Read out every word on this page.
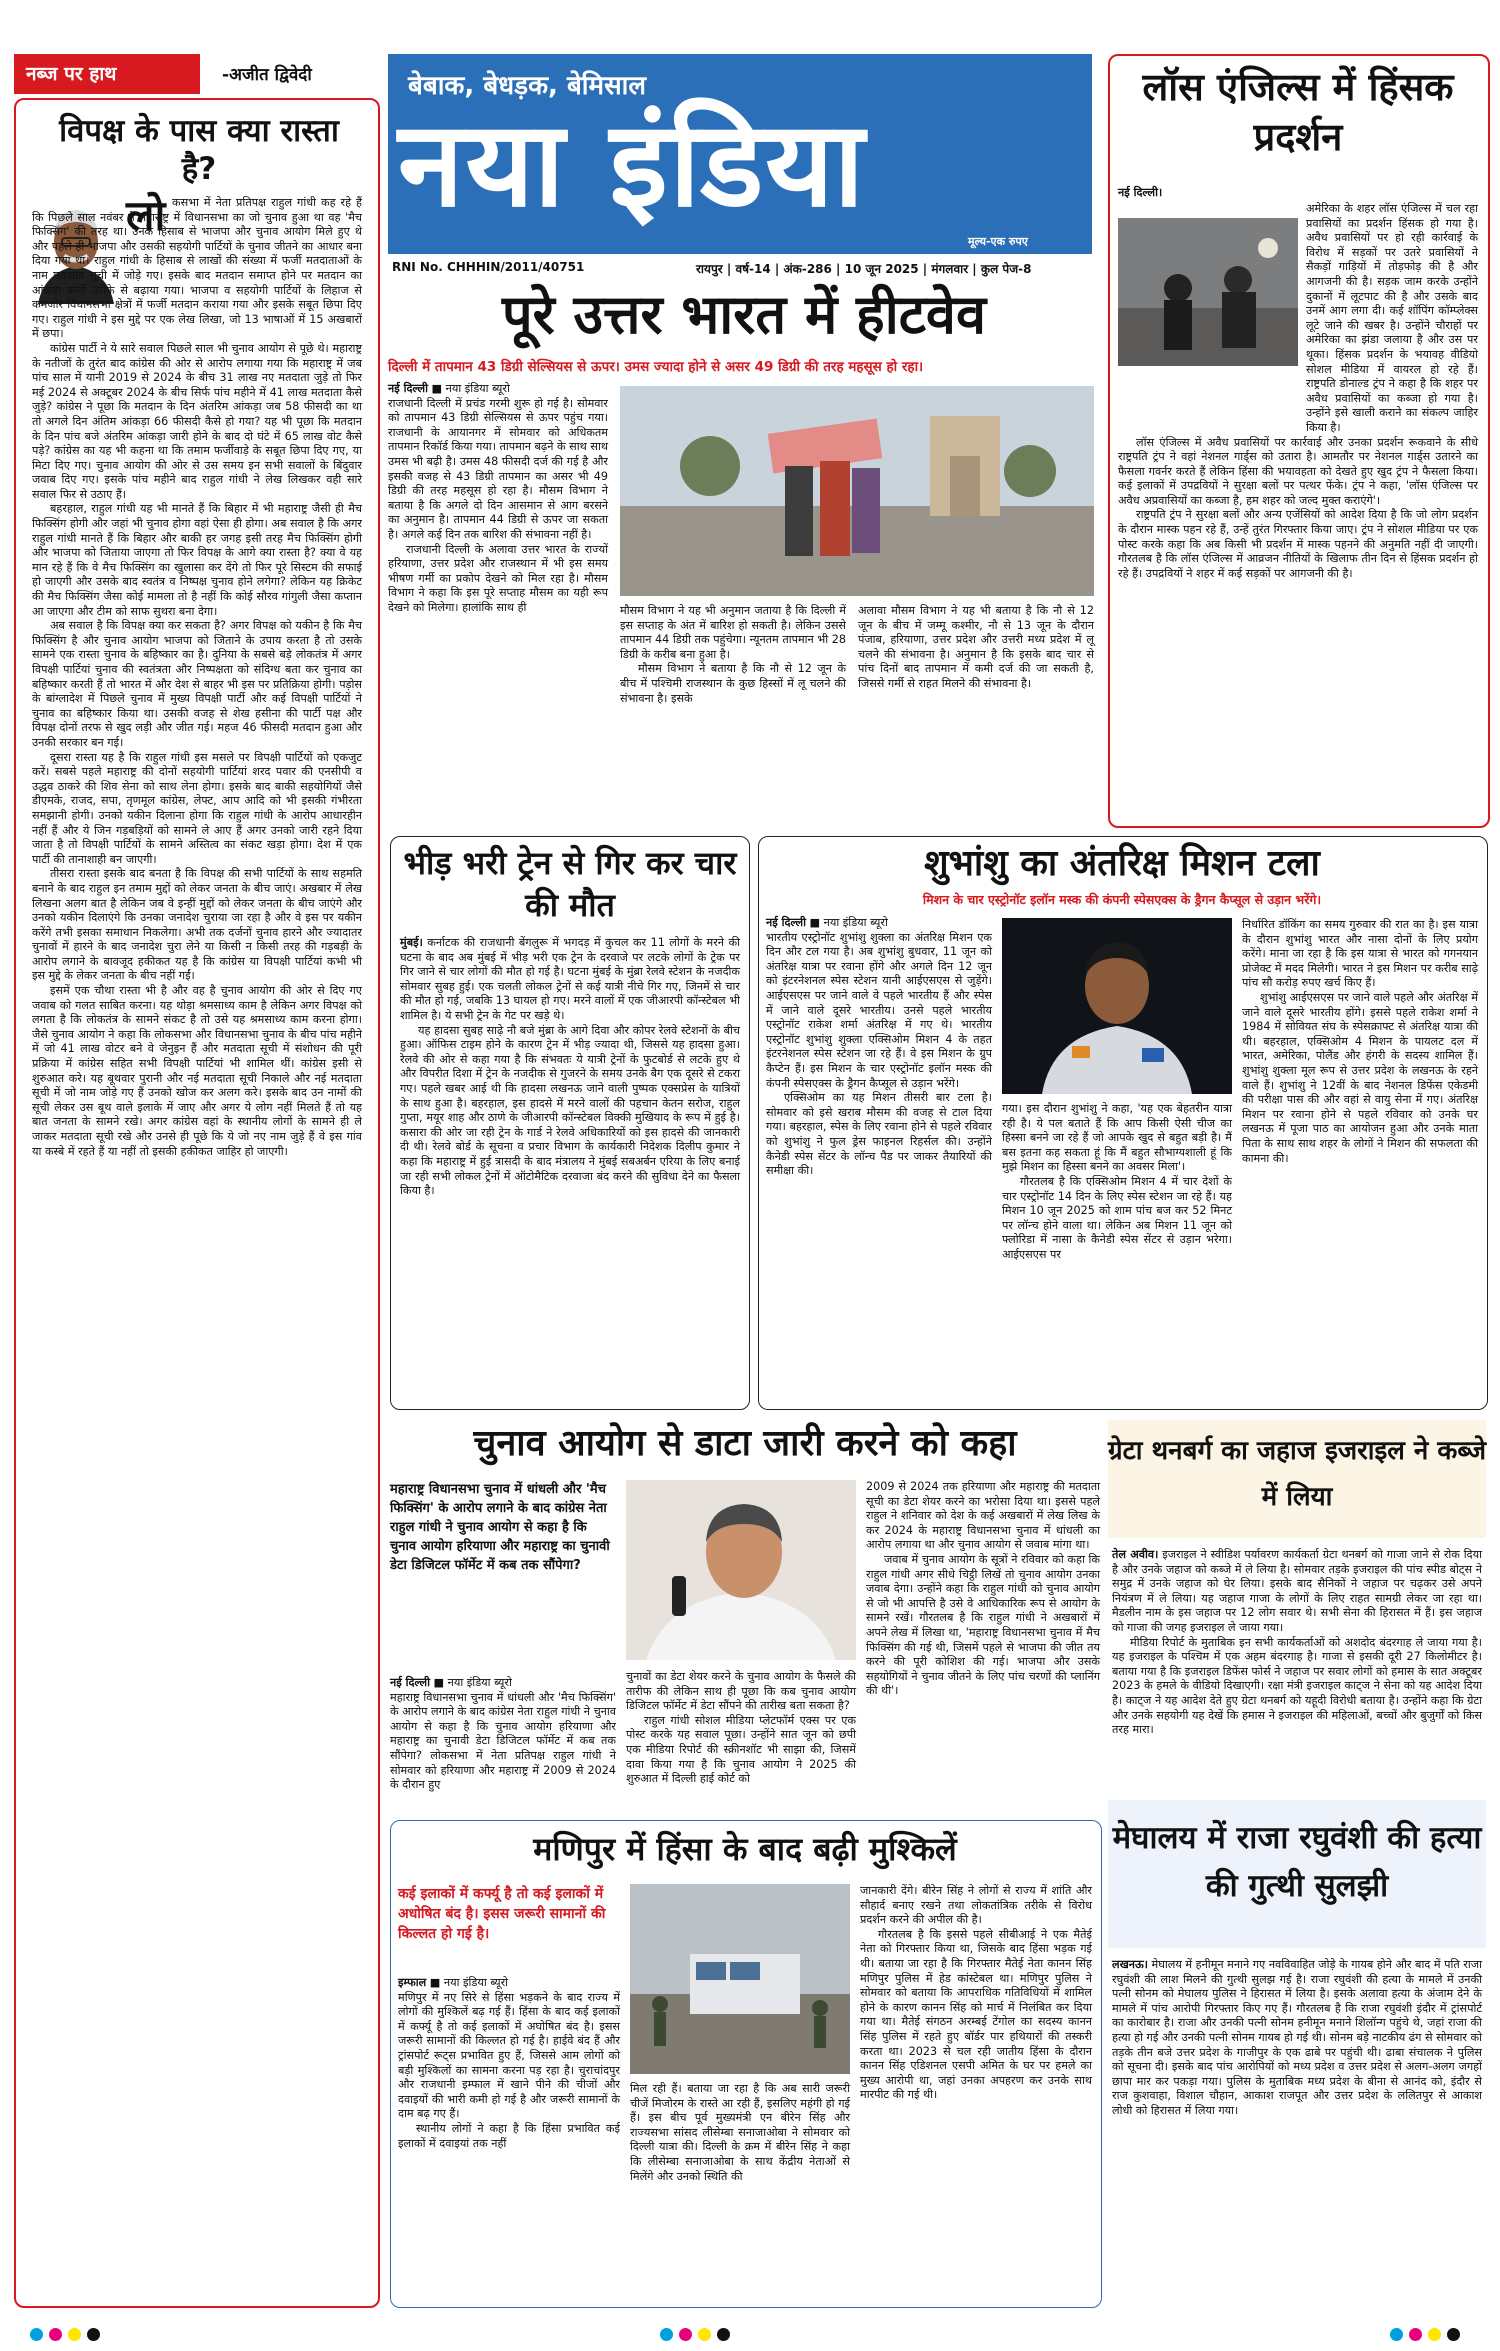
नब्ज पर हाथ	-अजीत द्विवेदी
विपक्ष के पास क्या रास्ता है?
लो कसभा में नेता प्रतिपक्ष राहुल गांधी कह रहे हैं कि पिछले साल नवंबर में महाराष्ट्र में विधानसभा का जो चुनाव हुआ था वह 'मैच फिक्सिंग' की तरह था। उनके हिसाब से भाजपा और चुनाव आयोग मिले हुए थे और पहले ही भाजपा और उसकी सहयोगी पार्टियों के चुनाव जीतने का आधार बना दिया गया था। राहुल गांधी के हिसाब से लाखों की संख्या में फर्जी मतदाताओं के नाम मतदाता सूची में जोड़े गए। इसके बाद मतदान समाप्त होने पर मतदान का आंकड़ा फर्जी तरीके से बढ़ाया गया। भाजपा व सहयोगी पार्टियों के लिहाज से कमजोर विधानसभा क्षेत्रों में फर्जी मतदान कराया गया और इसके सबूत छिपा दिए गए। राहुल गांधी ने इस मुद्दे पर एक लेख लिखा, जो 13 भाषाओं में 15 अखबारों में छपा।

कांग्रेस पार्टी ने ये सारे सवाल पिछले साल भी चुनाव आयोग से पूछे थे। महाराष्ट्र के नतीजों के तुरंत बाद कांग्रेस की ओर से आरोप लगाया गया कि महाराष्ट्र में जब पांच साल में यानी 2019 से 2024 के बीच 31 लाख नए मतदाता जुड़े तो फिर मई 2024 से अक्टूबर 2024 के बीच सिर्फ पांच महीने में 41 लाख मतदाता कैसे जुड़े? कांग्रेस ने पूछा कि मतदान के दिन अंतरिम आंकड़ा जब 58 फीसदी का था तो अगले दिन अंतिम आंकड़ा 66 फीसदी कैसे हो गया? यह भी पूछा कि मतदान के दिन पांच बजे अंतरिम आंकड़ा जारी होने के बाद दो घंटे में 65 लाख वोट कैसे पड़े? कांग्रेस का यह भी कहना था कि तमाम फर्जीवाड़े के सबूत छिपा दिए गए, या मिटा दिए गए। चुनाव आयोग की ओर से उस समय इन सभी सवालों के बिंदुवार जवाब दिए गए। इसके पांच महीने बाद राहुल गांधी ने लेख लिखकर वही सारे सवाल फिर से उठाए हैं।

बहरहाल, राहुल गांधी यह भी मानते हैं कि बिहार में भी महाराष्ट्र जैसी ही मैच फिक्सिंग होगी और जहां भी चुनाव होगा वहां ऐसा ही होगा। अब सवाल है कि अगर राहुल गांधी मानते हैं कि बिहार और बाकी हर जगह इसी तरह मैच फिक्सिंग होगी और भाजपा को जिताया जाएगा तो फिर विपक्ष के आगे क्या रास्ता है? क्या वे यह मान रहे हैं कि वे मैच फिक्सिंग का खुलासा कर देंगे तो फिर पूरे सिस्टम की सफाई हो जाएगी और उसके बाद स्वतंत्र व निष्पक्ष चुनाव होने लगेगा? लेकिन यह क्रिकेट की मैच फिक्सिंग जैसा कोई मामला तो है नहीं कि कोई सौरव गांगुली जैसा कप्तान आ जाएगा और टीम को साफ सुथरा बना देगा।

अब सवाल है कि विपक्ष क्या कर सकता है? अगर विपक्ष को यकीन है कि मैच फिक्सिंग है और चुनाव आयोग भाजपा को जिताने के उपाय करता है तो उसके सामने एक रास्ता चुनाव के बहिष्कार का है। दुनिया के सबसे बड़े लोकतंत्र में अगर विपक्षी पार्टियां चुनाव की स्वतंत्रता और निष्पक्षता को संदिग्ध बता कर चुनाव का बहिष्कार करती हैं तो भारत में और देश से बाहर भी इस पर प्रतिक्रिया होगी। पड़ोस के बांग्लादेश में पिछले चुनाव में मुख्य विपक्षी पार्टी और कई विपक्षी पार्टियों ने चुनाव का बहिष्कार किया था। उसकी वजह से शेख हसीना की पार्टी पक्ष और विपक्ष दोनों तरफ से खुद लड़ी और जीत गई। महज 46 फीसदी मतदान हुआ और उनकी सरकार बन गई।

दूसरा रास्ता यह है कि राहुल गांधी इस मसले पर विपक्षी पार्टियों को एकजुट करें। सबसे पहले महाराष्ट्र की दोनों सहयोगी पार्टियां शरद पवार की एनसीपी व उद्धव ठाकरे की शिव सेना को साथ लेना होगा। इसके बाद बाकी सहयोगियों जैसे डीएमके, राजद, सपा, तृणमूल कांग्रेस, लेफ्ट, आप आदि को भी इसकी गंभीरता समझानी होगी। उनको यकीन दिलाना होगा कि राहुल गांधी के आरोप आधारहीन नहीं हैं और ये जिन गड़बड़ियों को सामने ले आए हैं अगर उनको जारी रहने दिया जाता है तो विपक्षी पार्टियों के सामने अस्तित्व का संकट खड़ा होगा। देश में एक पार्टी की तानाशाही बन जाएगी।

तीसरा रास्ता इसके बाद बनता है कि विपक्ष की सभी पार्टियों के साथ सहमति बनाने के बाद राहुल इन तमाम मुद्दों को लेकर जनता के बीच जाएं। अखबार में लेख लिखना अलग बात है लेकिन जब वे इन्हीं मुद्दों को लेकर जनता के बीच जाएंगे और उनको यकीन दिलाएंगे कि उनका जनादेश चुराया जा रहा है और वे इस पर यकीन करेंगे तभी इसका समाधान निकलेगा। अभी तक दर्जनों चुनाव हारने और ज्यादातर चुनावों में हारने के बाद जनादेश चुरा लेने या किसी न किसी तरह की गड़बड़ी के आरोप लगाने के बावजूद हकीकत यह है कि कांग्रेस या विपक्षी पार्टियां कभी भी इस मुद्दे के लेकर जनता के बीच नहीं गईं।

इसमें एक चौथा रास्ता भी है और वह है चुनाव आयोग की ओर से दिए गए जवाब को गलत साबित करना। यह थोड़ा श्रमसाध्य काम है लेकिन अगर विपक्ष को लगता है कि लोकतंत्र के सामने संकट है तो उसे यह श्रमसाध्य काम करना होगा। जैसे चुनाव आयोग ने कहा कि लोकसभा और विधानसभा चुनाव के बीच पांच महीने में जो 41 लाख वोटर बने वे जेनुइन हैं और मतदाता सूची में संशोधन की पूरी प्रक्रिया में कांग्रेस सहित सभी विपक्षी पार्टियां भी शामिल थीं। कांग्रेस इसी से शुरुआत करे। यह बूथवार पुरानी और नई मतदाता सूची निकाले और नई मतदाता सूची में जो नाम जोड़े गए हैं उनको खोज कर अलग करे। इसके बाद उन नामों की सूची लेकर उस बूथ वाले इलाके में जाए और अगर ये लोग नहीं मिलते हैं तो यह बात जनता के सामने रखे। अगर कांग्रेस वहां के स्थानीय लोगों के सामने ही ले जाकर मतदाता सूची रखे और उनसे ही पूछे कि ये जो नए नाम जुड़े हैं वे इस गांव या कस्बे में रहते हैं या नहीं तो इसकी हकीकत जाहिर हो जाएगी।

बेबाक, बेधड़क, बेमिसाल
नया इंडिया
मूल्य-एक रुपए
RNI No. CHHHIN/2011/40751	रायपुर | वर्ष-14 | अंक-286 | 10 जून 2025 | मंगलवार | कुल पेज-8
पूरे उत्तर भारत में हीटवेव
दिल्ली में तापमान 43 डिग्री सेल्सियस से ऊपर। उमस ज्यादा होने से असर 49 डिग्री की तरह महसूस हो रहा।

नई दिल्ली ■ नया इंडिया ब्यूरो

राजधानी दिल्ली में प्रचंड गरमी शुरू हो गई है। सोमवार को तापमान 43 डिग्री सेल्सियस से ऊपर पहुंच गया। राजधानी के आयानगर में सोमवार को अधिकतम तापमान रिकॉर्ड किया गया। तापमान बढ़ने के साथ साथ उमस भी बढ़ी है। उमस 48 फीसदी दर्ज की गई है और इसकी वजह से 43 डिग्री तापमान का असर भी 49 डिग्री की तरह महसूस हो रहा है। मौसम विभाग ने बताया है कि अगले दो दिन आसमान से आग बरसने का अनुमान है। तापमान 44 डिग्री से ऊपर जा सकता है। अगले कई दिन तक बारिश की संभावना नहीं है।

राजधानी दिल्ली के अलावा उत्तर भारत के राज्यों हरियाणा, उत्तर प्रदेश और राजस्थान में भी इस समय भीषण गर्मी का प्रकोप देखने को मिल रहा है। मौसम विभाग ने कहा कि इस पूरे सप्ताह मौसम का यही रूप देखने को मिलेगा। हालांकि साथ ही	मौसम विभाग ने यह भी अनुमान जताया है कि दिल्ली में इस सप्ताह के अंत में बारिश हो सकती है। लेकिन उससे तापमान 44 डिग्री तक पहुंचेगा। न्यूनतम तापमान भी 28 डिग्री के करीब बना हुआ है।

मौसम विभाग ने बताया है कि नौ से 12 जून के बीच में पश्चिमी राजस्थान के कुछ हिस्सों में लू चलने की संभावना है। इसके

अलावा मौसम विभाग ने यह भी बताया है कि नौ से 12 जून के बीच में जम्मू कश्मीर, नौ से 13 जून के दौरान पंजाब, हरियाणा, उत्तर प्रदेश और उत्तरी मध्य प्रदेश में लू चलने की संभावना है। अनुमान है कि इसके बाद चार से पांच दिनों बाद तापमान में कमी दर्ज की जा सकती है, जिससे गर्मी से राहत मिलने की संभावना है।

लॉस एंजिल्स में हिंसक प्रदर्शन

नई दिल्ली।

अमेरिका के शहर लॉस एंजिल्स में चल रहा प्रवासियों का प्रदर्शन हिंसक हो गया है। अवैध प्रवासियों पर हो रही कार्रवाई के विरोध में सड़कों पर उतरे प्रवासियों ने सैकड़ों गाड़ियों में तोड़फोड़ की है और आगजनी की है। सड़क जाम करके उन्होंने दुकानों में लूटपाट की है और उसके बाद उनमें आग लगा दी। कई शॉपिंग कॉम्प्लेक्स लूटे जाने की खबर है। उन्होंने चौराहों पर अमेरिका का झंडा जलाया है और उस पर थूका। हिंसक प्रदर्शन के भयावह वीडियो सोशल मीडिया में वायरल हो रहे हैं। राष्ट्रपति डोनाल्ड ट्रंप ने कहा है कि शहर पर अवैध प्रवासियों का कब्जा हो गया है। उन्होंने इसे खाली कराने का संकल्प जाहिर किया है।

लॉस एंजिल्स में अवैध प्रवासियों पर कार्रवाई और उनका प्रदर्शन रूकवाने के सीधे राष्ट्रपति ट्रंप ने वहां नेशनल गार्ड्स को उतारा है। आमतौर पर नेशनल गार्ड्स उतारने का फैसला गवर्नर करते हैं लेकिन हिंसा की भयावहता को देखते हुए खुद ट्रंप ने फैसला किया। कई इलाकों में उपद्रवियों ने सुरक्षा बलों पर पत्थर फेंके। ट्रंप ने कहा, 'लॉस एंजिल्स पर अवैध अप्रवासियों का कब्जा है, हम शहर को जल्द मुक्त कराएंगे'।

राष्ट्रपति ट्रंप ने सुरक्षा बलों और अन्य एजेंसियों को आदेश दिया है कि जो लोग प्रदर्शन के दौरान मास्क पहन रहे हैं, उन्हें तुरंत गिरफ्तार किया जाए। ट्रंप ने सोशल मीडिया पर एक पोस्ट करके कहा कि अब किसी भी प्रदर्शन में मास्क पहनने की अनुमति नहीं दी जाएगी। गौरतलब है कि लॉस एंजिल्स में आव्रजन नीतियों के खिलाफ तीन दिन से हिंसक प्रदर्शन हो रहे हैं। उपद्रवियों ने शहर में कई सड़कों पर आगजनी की है।

भीड़ भरी ट्रेन से गिर कर चार की मौत

मुंबई। कर्नाटक की राजधानी बेंगलुरू में भगदड़ में कुचल कर 11 लोगों के मरने की घटना के बाद अब मुंबई में भीड़ भरी एक ट्रेन के दरवाजे पर लटके लोगों के ट्रेक पर गिर जाने से चार लोगों की मौत हो गई है। घटना मुंबई के मुंब्रा रेलवे स्टेशन के नजदीक सोमवार सुबह हुई। एक चलती लोकल ट्रेनों से कई यात्री नीचे गिर गए, जिनमें से चार की मौत हो गई, जबकि 13 घायल हो गए। मरने वालों में एक जीआरपी कॉन्स्टेबल भी शामिल है। ये सभी ट्रेन के गेट पर खड़े थे।

यह हादसा सुबह साढ़े नौ बजे मुंब्रा के आगे दिवा और कोपर रेलवे स्टेशनों के बीच हुआ। ऑफिस टाइम होने के कारण ट्रेन में भीड़ ज्यादा थी, जिससे यह हादसा हुआ। रेलवे की ओर से कहा गया है कि संभवतः ये यात्री ट्रेनों के फुटबोर्ड से लटके हुए थे और विपरीत दिशा में ट्रेन के नजदीक से गुजरने के समय उनके बैग एक दूसरे से टकरा गए। पहले खबर आई थी कि हादसा लखनऊ जाने वाली पुष्पक एक्सप्रेस के यात्रियों के साथ हुआ है। बहरहाल, इस हादसे में मरने वालों की पहचान केतन सरोज, राहुल गुप्ता, मयूर शाह और ठाणे के जीआरपी कॉन्स्टेबल विक्की मुखियाद के रूप में हुई है। कसारा की ओर जा रही ट्रेन के गार्ड ने रेलवे अधिकारियों को इस हादसे की जानकारी दी थी। रेलवे बोर्ड के सूचना व प्रचार विभाग के कार्यकारी निदेशक दिलीप कुमार ने कहा कि महाराष्ट्र में हुई त्रासदी के बाद मंत्रालय ने मुंबई सबअर्बन एरिया के लिए बनाई जा रही सभी लोकल ट्रेनों में ऑटोमैटिक दरवाजा बंद करने की सुविधा देने का फैसला किया है।

शुभांशु का अंतरिक्ष मिशन टला
मिशन के चार एस्ट्रोनॉट इलॉन मस्क की कंपनी स्पेसएक्स के ड्रैगन कैप्सूल से उड़ान भरेंगे।

नई दिल्ली ■ नया इंडिया ब्यूरो

भारतीय एस्ट्रोनॉट शुभांशु शुक्ला का अंतरिक्ष मिशन एक दिन और टल गया है। अब शुभांशु बुधवार, 11 जून को अंतरिक्ष यात्रा पर रवाना होंगे और अगले दिन 12 जून को इंटरनेशनल स्पेस स्टेशन यानी आईएसएस से जुड़ेंगे। आईएसएस पर जाने वाले वे पहले भारतीय हैं और स्पेस में जाने वाले दूसरे भारतीय। उनसे पहले भारतीय एस्ट्रोनॉट राकेश शर्मा अंतरिक्ष में गए थे। भारतीय एस्ट्रोनॉट शुभांशु शुक्ला एक्सिओम मिशन 4 के तहत इंटरनेशनल स्पेस स्टेशन जा रहे हैं। वे इस मिशन के ग्रुप कैप्टेन हैं। इस मिशन के चार एस्ट्रोनॉट इलॉन मस्क की कंपनी स्पेसएक्स के ड्रैगन कैप्सूल से उड़ान भरेंगे।

एक्सिओम का यह मिशन तीसरी बार टला है। सोमवार को इसे खराब मौसम की वजह से टाल दिया गया। बहरहाल, स्पेस के लिए रवाना होने से पहले रविवार को शुभांशु ने फुल ड्रेस फाइनल रिहर्सल की। उन्होंने कैनेडी स्पेस सेंटर के लॉन्च पैड पर जाकर तैयारियों की समीक्षा की।

गया। इस दौरान शुभांशु ने कहा, 'यह एक बेहतरीन यात्रा रही है। ये पल बताते हैं कि आप किसी ऐसी चीज का हिस्सा बनने जा रहे हैं जो आपके खुद से बहुत बड़ी है। मैं बस इतना कह सकता हूं कि मैं बहुत सौभाग्यशाली हूं कि मुझे मिशन का हिस्सा बनने का अवसर मिला'।

गौरतलब है कि एक्सिओम मिशन 4 में चार देशों के चार एस्ट्रोनॉट 14 दिन के लिए स्पेस स्टेशन जा रहे हैं। यह मिशन 10 जून 2025 को शाम पांच बज कर 52 मिनट पर लॉन्च होने वाला था। लेकिन अब मिशन 11 जून को फ्लोरिडा में नासा के कैनेडी स्पेस सेंटर से उड़ान भरेगा। आईएसएस पर

निर्धारित डॉकिंग का समय गुरुवार की रात का है। इस यात्रा के दौरान शुभांशु भारत और नासा दोनों के लिए प्रयोग करेंगे। माना जा रहा है कि इस यात्रा से भारत को गगनयान प्रोजेक्ट में मदद मिलेगी। भारत ने इस मिशन पर करीब साढ़े पांच सौ करोड़ रुपए खर्च किए हैं।

शुभांशु आईएसएस पर जाने वाले पहले और अंतरिक्ष में जाने वाले दूसरे भारतीय होंगे। इससे पहले राकेश शर्मा ने 1984 में सोवियत संघ के स्पेसक्राफ्ट से अंतरिक्ष यात्रा की थी। बहरहाल, एक्सिओम 4 मिशन के पायलट दल में भारत, अमेरिका, पोलैंड और हंगरी के सदस्य शामिल हैं। शुभांशु शुक्ला मूल रूप से उत्तर प्रदेश के लखनऊ के रहने वाले हैं। शुभांशु ने 12वीं के बाद नेशनल डिफेंस एकेडमी की परीक्षा पास की और वहां से वायु सेना में गए। अंतरिक्ष मिशन पर रवाना होने से पहले रविवार को उनके घर लखनऊ में पूजा पाठ का आयोजन हुआ और उनके माता पिता के साथ साथ शहर के लोगों ने मिशन की सफलता की कामना की।

चुनाव आयोग से डाटा जारी करने को कहा
महाराष्ट्र विधानसभा चुनाव में धांधली और 'मैच फिक्सिंग' के आरोप लगाने के बाद कांग्रेस नेता राहुल गांधी ने चुनाव आयोग से कहा है कि चुनाव आयोग हरियाणा और महाराष्ट्र का चुनावी डेटा डिजिटल फॉर्मेट में कब तक सौंपेगा?

नई दिल्ली ■ नया इंडिया ब्यूरो

महाराष्ट्र विधानसभा चुनाव में धांधली और 'मैच फिक्सिंग' के आरोप लगाने के बाद कांग्रेस नेता राहुल गांधी ने चुनाव आयोग से कहा है कि चुनाव आयोग हरियाणा और महाराष्ट्र का चुनावी डेटा डिजिटल फॉर्मेट में कब तक सौंपेगा? लोकसभा में नेता प्रतिपक्ष राहुल गांधी ने सोमवार को हरियाणा और महाराष्ट्र में 2009 से 2024 के दौरान हुए

चुनावों का डेटा शेयर करने के चुनाव आयोग के फैसले की तारीफ की लेकिन साथ ही पूछा कि कब चुनाव आयोग डिजिटल फॉर्मेट में डेटा सौंपने की तारीख बता सकता है?

राहुल गांधी सोशल मीडिया प्लेटफॉर्म एक्स पर एक पोस्ट करके यह सवाल पूछा। उन्होंने सात जून को छपी एक मीडिया रिपोर्ट की स्क्रीनशॉट भी साझा की, जिसमें दावा किया गया है कि चुनाव आयोग ने 2025 की शुरुआत में दिल्ली हाई कोर्ट को

2009 से 2024 तक हरियाणा और महाराष्ट्र की मतदाता सूची का डेटा शेयर करने का भरोसा दिया था। इससे पहले राहुल ने शनिवार को देश के कई अखबारों में लेख लिख के कर 2024 के महाराष्ट्र विधानसभा चुनाव में धांधली का आरोप लगाया था और चुनाव आयोग से जवाब मांगा था।

जवाब में चुनाव आयोग के सूत्रों ने रविवार को कहा कि राहुल गांधी अगर सीधे चिट्ठी लिखें तो चुनाव आयोग उनका जवाब देगा। उन्होंने कहा कि राहुल गांधी को चुनाव आयोग से जो भी आपत्ति है उसे वे आधिकारिक रूप से आयोग के सामने रखें। गौरतलब है कि राहुल गांधी ने अखबारों में अपने लेख में लिखा था, 'महाराष्ट्र विधानसभा चुनाव में मैच फिक्सिंग की गई थी, जिसमें पहले से भाजपा की जीत तय करने की पूरी कोशिश की गई। भाजपा और उसके सहयोगियों ने चुनाव जीतने के लिए पांच चरणों की प्लानिंग की थी'।

ग्रेटा थनबर्ग का जहाज इजराइल ने कब्जे में लिया

तेल अवीव। इजराइल ने स्वीडिश पर्यावरण कार्यकर्ता ग्रेटा थनबर्ग को गाजा जाने से रोक दिया है और उनके जहाज को कब्जे में ले लिया है। सोमवार तड़के इजराइल की पांच स्पीड बोट्स ने समुद्र में उनके जहाज को घेर लिया। इसके बाद सैनिकों ने जहाज पर चढ़कर उसे अपने नियंत्रण में ले लिया। यह जहाज गाजा के लोगों के लिए राहत सामग्री लेकर जा रहा था। मैडलीन नाम के इस जहाज पर 12 लोग सवार थे। सभी सेना की हिरासत में हैं। इस जहाज को गाजा की जगह इजराइल ले जाया गया।

मीडिया रिपोर्ट के मुताबिक इन सभी कार्यकर्ताओं को अशदोद बंदरगाह ले जाया गया है। यह इजराइल के पश्चिम में एक अहम बंदरगाह है। गाजा से इसकी दूरी 27 किलोमीटर है। बताया गया है कि इजराइल डिफेंस फोर्स ने जहाज पर सवार लोगों को हमास के सात अक्टूबर 2023 के हमले के वीडियो दिखाएगी। रक्षा मंत्री इजराइल काट्ज ने सेना को यह आदेश दिया है। काट्ज ने यह आदेश देते हुए ग्रेटा थनबर्ग को यहूदी विरोधी बताया है। उन्होंने कहा कि ग्रेटा और उनके सहयोगी यह देखें कि हमास ने इजराइल की महिलाओं, बच्चों और बुजुर्गों को किस तरह मारा।

मणिपुर में हिंसा के बाद बढ़ी मुश्किलें
कई इलाकों में कर्फ्यू है तो कई इलाकों में अधोषित बंद है। इसस जरूरी सामानों की किल्लत हो गई है।

इम्फाल ■ नया इंडिया ब्यूरो

मणिपुर में नए सिरे से हिंसा भड़कने के बाद राज्य में लोगों की मुश्किलें बढ़ गई हैं। हिंसा के बाद कई इलाकों में कर्फ्यू है तो कई इलाकों में अघोषित बंद है। इसस जरूरी सामानों की किल्लत हो गई है। हाईवे बंद हैं और ट्रांसपोर्ट रूट्स प्रभावित हुए हैं, जिससे आम लोगों को बड़ी मुश्किलों का सामना करना पड़ रहा है। चुराचांदपुर और राजधानी इम्फाल में खाने पीने की चीजों और दवाइयों की भारी कमी हो गई है और जरूरी सामानों के दाम बढ़ गए हैं।

स्थानीय लोगों ने कहा है कि हिंसा प्रभावित कई इलाकों में दवाइयां तक नहीं

मिल रही हैं। बताया जा रहा है कि अब सारी जरूरी चीजें मिजोरम के रास्ते आ रही हैं, इसलिए महंगी हो गई हैं। इस बीच पूर्व मुख्यमंत्री एन बीरेन सिंह और राज्यसभा सांसद लीसेम्बा सनाजाओबा ने सोमवार को दिल्ली यात्रा की। दिल्ली के क्रम में बीरेन सिंह ने कहा कि लीसेम्बा सनाजाओबा के साथ केंद्रीय नेताओं से मिलेंगे और उनको स्थिति की

जानकारी देंगे। बीरेन सिंह ने लोगों से राज्य में शांति और सौहार्द बनाए रखने तथा लोकतांत्रिक तरीके से विरोध प्रदर्शन करने की अपील की है।

गौरतलब है कि इससे पहले सीबीआई ने एक मैतेई नेता को गिरफ्तार किया था, जिसके बाद हिंसा भड़क गई थी। बताया जा रहा है कि गिरफ्तार मैतेई नेता कानन सिंह मणिपुर पुलिस में हेड कांस्टेबल था। मणिपुर पुलिस ने सोमवार को बताया कि आपराधिक गतिविधियों में शामिल होने के कारण कानन सिंह को मार्च में निलंबित कर दिया गया था। मैतेई संगठन अरम्बई टेंगोल का सदस्य कानन सिंह पुलिस में रहते हुए बॉर्डर पार हथियारों की तस्करी करता था। 2023 से चल रही जातीय हिंसा के दौरान कानन सिंह एडिशनल एसपी अमित के घर पर हमले का मुख्य आरोपी था, जहां उनका अपहरण कर उनके साथ मारपीट की गई थी।

मेघालय में राजा रघुवंशी की हत्या की गुत्थी सुलझी

लखनऊ। मेघालय में हनीमून मनाने गए नवविवाहित जोड़े के गायब होने और बाद में पति राजा रघुवंशी की लाश मिलने की गुत्थी सुलझ गई है। राजा रघुवंशी की हत्या के मामले में उनकी पत्नी सोनम को मेघालय पुलिस ने हिरासत में लिया है। इसके अलावा हत्या के अंजाम देने के मामले में पांच आरोपी गिरफ्तार किए गए हैं। गौरतलब है कि राजा रघुवंशी इंदौर में ट्रांसपोर्ट का कारोबार है। राजा और उनकी पत्नी सोनम हनीमून मनाने शिलॉन्ग पहुंचे थे, जहां राजा की हत्या हो गई और उनकी पत्नी सोनम गायब हो गई थी। सोनम बड़े नाटकीय ढंग से सोमवार को तड़के तीन बजे उत्तर प्रदेश के गाजीपुर के एक ढाबे पर पहुंची थी। ढाबा संचालक ने पुलिस को सूचना दी। इसके बाद पांच आरोपियों को मध्य प्रदेश व उत्तर प्रदेश से अलग-अलग जगहों छापा मार कर पकड़ा गया। पुलिस के मुताबिक मध्य प्रदेश के बीना से आनंद को, इंदौर से राज कुशवाहा, विशाल चौहान, आकाश राजपूत और उत्तर प्रदेश के ललितपुर से आकाश लोधी को हिरासत में लिया गया।
